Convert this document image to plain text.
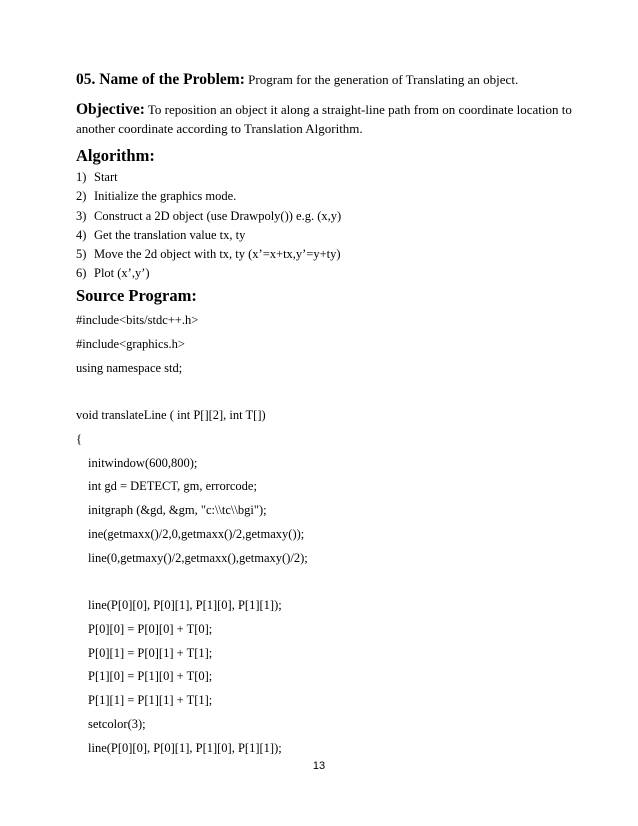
05. Name of the Problem: Program for the generation of Translating an object.
Objective: To reposition an object it along a straight-line path from on coordinate location to another coordinate according to Translation Algorithm.
Algorithm:
1) Start
2) Initialize the graphics mode.
3) Construct a 2D object (use Drawpoly()) e.g. (x,y)
4) Get the translation value tx, ty
5) Move the 2d object with tx, ty (x’=x+tx,y’=y+ty)
6) Plot (x’,y’)
Source Program:
#include<bits/stdc++.h>
#include<graphics.h>
using namespace std;
void translateLine ( int P[][2], int T[])
{
initwindow(600,800);
int gd = DETECT, gm, errorcode;
initgraph (&gd, &gm, "c:\\tc\\bgi");
ine(getmaxx()/2,0,getmaxx()/2,getmaxy());
line(0,getmaxy()/2,getmaxx(),getmaxy()/2);
line(P[0][0], P[0][1], P[1][0], P[1][1]);
P[0][0] = P[0][0] + T[0];
P[0][1] = P[0][1] + T[1];
P[1][0] = P[1][0] + T[0];
P[1][1] = P[1][1] + T[1];
setcolor(3);
line(P[0][0], P[0][1], P[1][0], P[1][1]);
13
